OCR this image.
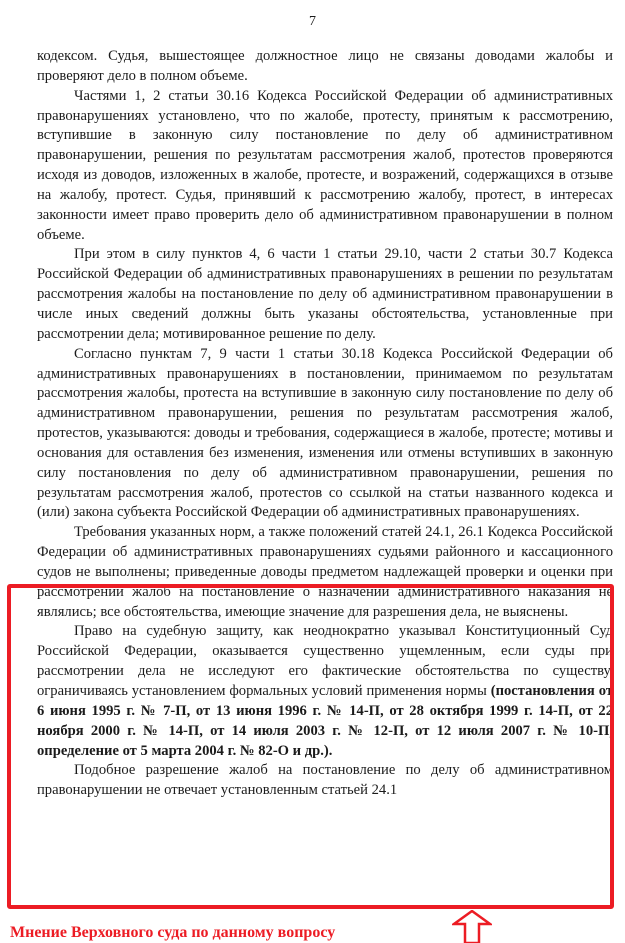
7

кодексом. Судья, вышестоящее должностное лицо не связаны доводами жалобы и проверяют дело в полном объеме.

Частями 1, 2 статьи 30.16 Кодекса Российской Федерации об административных правонарушениях установлено, что по жалобе, протесту, принятым к рассмотрению, вступившие в законную силу постановление по делу об административном правонарушении, решения по результатам рассмотрения жалоб, протестов проверяются исходя из доводов, изложенных в жалобе, протесте, и возражений, содержащихся в отзыве на жалобу, протест. Судья, принявший к рассмотрению жалобу, протест, в интересах законности имеет право проверить дело об административном правонарушении в полном объеме.

При этом в силу пунктов 4, 6 части 1 статьи 29.10, части 2 статьи 30.7 Кодекса Российской Федерации об административных правонарушениях в решении по результатам рассмотрения жалобы на постановление по делу об административном правонарушении в числе иных сведений должны быть указаны обстоятельства, установленные при рассмотрении дела; мотивированное решение по делу.

Согласно пунктам 7, 9 части 1 статьи 30.18 Кодекса Российской Федерации об административных правонарушениях в постановлении, принимаемом по результатам рассмотрения жалобы, протеста на вступившие в законную силу постановление по делу об административном правонарушении, решения по результатам рассмотрения жалоб, протестов, указываются: доводы и требования, содержащиеся в жалобе, протесте; мотивы и основания для оставления без изменения, изменения или отмены вступивших в законную силу постановления по делу об административном правонарушении, решения по результатам рассмотрения жалоб, протестов со ссылкой на статьи названного кодекса и (или) закона субъекта Российской Федерации об административных правонарушениях.

Требования указанных норм, а также положений статей 24.1, 26.1 Кодекса Российской Федерации об административных правонарушениях судьями районного и кассационного судов не выполнены; приведенные доводы предметом надлежащей проверки и оценки при рассмотрении жалоб на постановление о назначении административного наказания не являлись; все обстоятельства, имеющие значение для разрешения дела, не выяснены.

Право на судебную защиту, как неоднократно указывал Конституционный Суд Российской Федерации, оказывается существенно ущемленным, если суды при рассмотрении дела не исследуют его фактические обстоятельства по существу, ограничиваясь установлением формальных условий применения нормы (постановления от 6 июня 1995 г. № 7-П, от 13 июня 1996 г. № 14-П, от 28 октября 1999 г. 14-П, от 22 ноября 2000 г. № 14-П, от 14 июля 2003 г. № 12-П, от 12 июля 2007 г. № 10-П, определение от 5 марта 2004 г. № 82-О и др.).

Подобное разрешение жалоб на постановление по делу об административном правонарушении не отвечает установленным статьей 24.1

Мнение Верховного суда по данному вопросу
